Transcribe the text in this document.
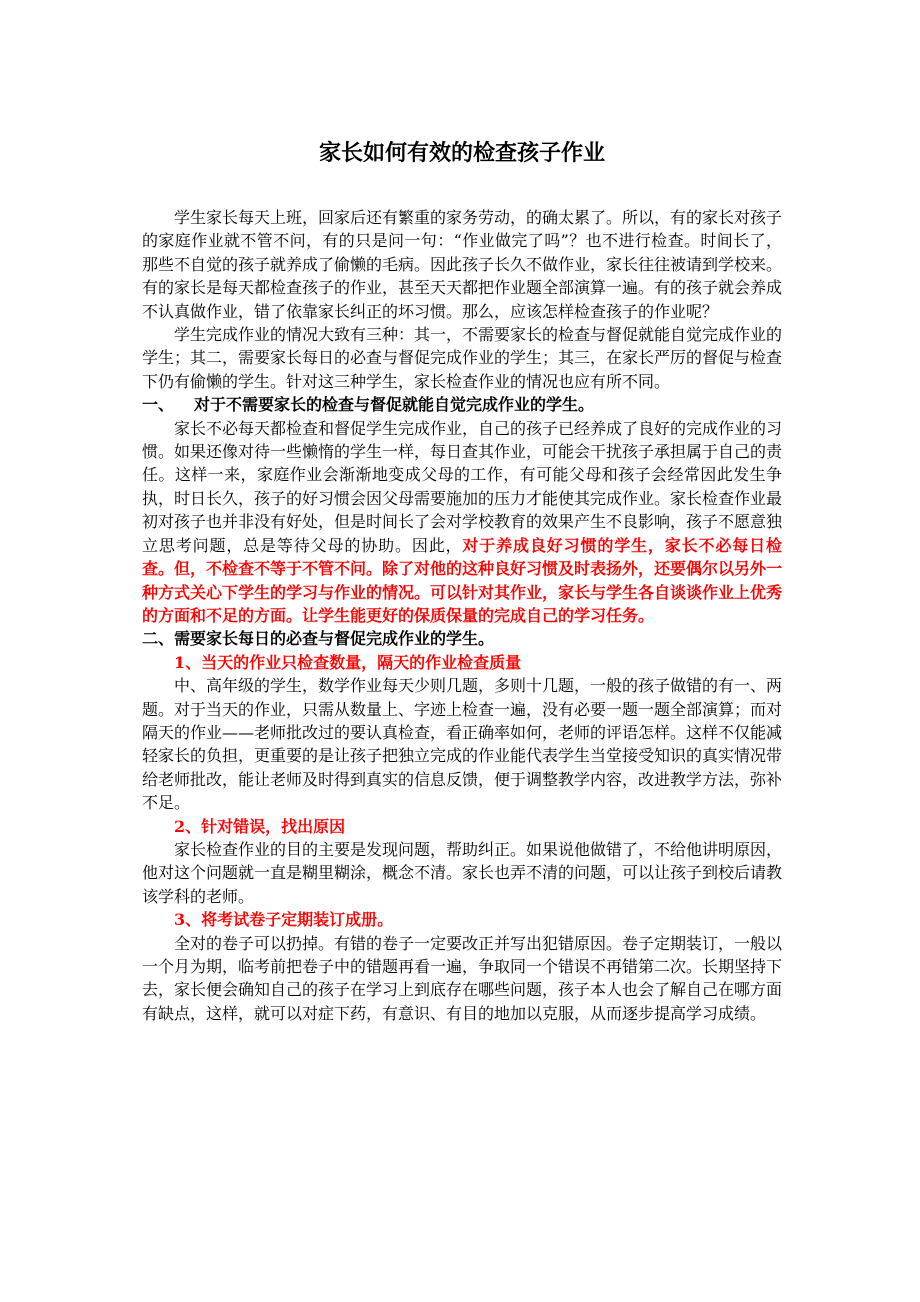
家长如何有效的检查孩子作业

学生家长每天上班，回家后还有繁重的家务劳动，的确太累了。所以，有的家长对孩子的家庭作业就不管不问，有的只是问一句：“作业做完了吗”？也不进行检查。时间长了，那些不自觉的孩子就养成了偷懒的毛病。因此孩子长久不做作业，家长往往被请到学校来。有的家长是每天都检查孩子的作业，甚至天天都把作业题全部演算一遍。有的孩子就会养成不认真做作业，错了依靠家长纠正的坏习惯。那么，应该怎样检查孩子的作业呢？

学生完成作业的情况大致有三种：其一，不需要家长的检查与督促就能自觉完成作业的学生；其二，需要家长每日的必查与督促完成作业的学生；其三，在家长严厉的督促与检查下仍有偷懒的学生。针对这三种学生，家长检查作业的情况也应有所不同。

一、 对于不需要家长的检查与督促就能自觉完成作业的学生。

家长不必每天都检查和督促学生完成作业，自己的孩子已经养成了良好的完成作业的习惯。如果还像对待一些懒惰的学生一样，每日查其作业，可能会干扰孩子承担属于自己的责任。这样一来，家庭作业会渐渐地变成父母的工作，有可能父母和孩子会经常因此发生争执，时日长久，孩子的好习惯会因父母需要施加的压力才能使其完成作业。家长检查作业最初对孩子也并非没有好处，但是时间长了会对学校教育的效果产生不良影响，孩子不愿意独立思考问题，总是等待父母的协助。因此，对于养成良好习惯的学生，家长不必每日检查。但，不检查不等于不管不问。除了对他的这种良好习惯及时表扬外，还要偶尔以另外一种方式关心下学生的学习与作业的情况。可以针对其作业，家长与学生各自谈谈作业上优秀的方面和不足的方面。让学生能更好的保质保量的完成自己的学习任务。

二、需要家长每日的必查与督促完成作业的学生。

1、当天的作业只检查数量，隔天的作业检查质量

中、高年级的学生，数学作业每天少则几题，多则十几题，一般的孩子做错的有一、两题。对于当天的作业，只需从数量上、字迹上检查一遍，没有必要一题一题全部演算；而对隔天的作业——老师批改过的要认真检查，看正确率如何，老师的评语怎样。这样不仅能减轻家长的负担，更重要的是让孩子把独立完成的作业能代表学生当堂接受知识的真实情况带给老师批改，能让老师及时得到真实的信息反馈，便于调整教学内容，改进教学方法，弥补不足。

2、针对错误，找出原因

家长检查作业的目的主要是发现问题，帮助纠正。如果说他做错了，不给他讲明原因，他对这个问题就一直是糊里糊涂，概念不清。家长也弄不清的问题，可以让孩子到校后请教该学科的老师。

3、将考试卷子定期装订成册。

全对的卷子可以扔掉。有错的卷子一定要改正并写出犯错原因。卷子定期装订，一般以一个月为期，临考前把卷子中的错题再看一遍，争取同一个错误不再错第二次。长期坚持下去，家长便会确知自己的孩子在学习上到底存在哪些问题，孩子本人也会了解自己在哪方面有缺点，这样，就可以对症下药，有意识、有目的地加以克服，从而逐步提高学习成绩。
